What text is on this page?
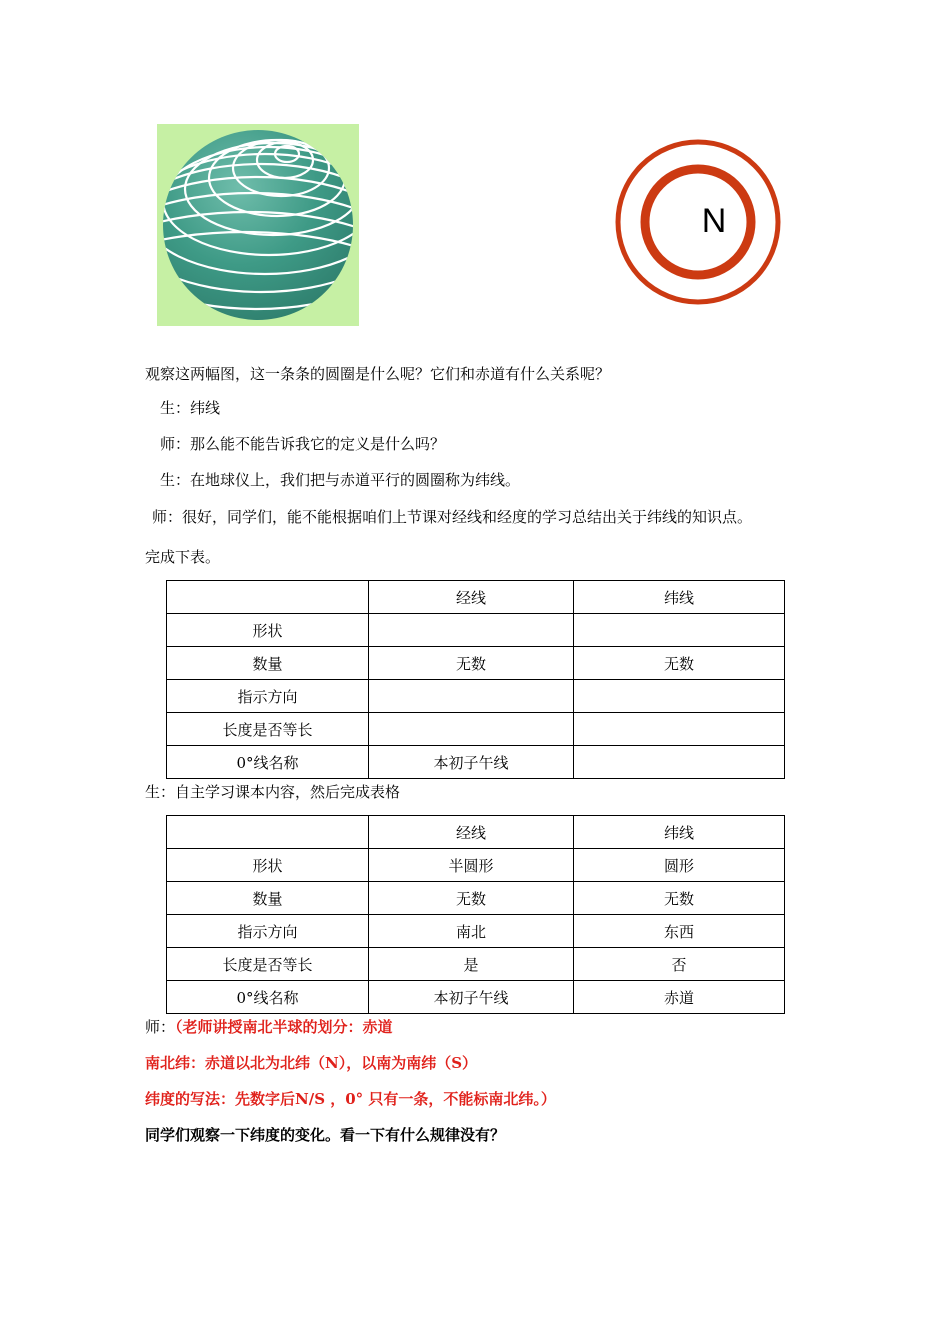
N
观察这两幅图，这一条条的圆圈是什么呢？它们和赤道有什么关系呢？
生：纬线
师：那么能不能告诉我它的定义是什么吗？
生：在地球仪上，我们把与赤道平行的圆圈称为纬线。
师：很好，同学们，能不能根据咱们上节课对经线和经度的学习总结出关于纬线的知识点。
完成下表。
	经线	纬线
形状		
数量	无数	无数
指示方向		
长度是否等长		
0°线名称	本初子午线	
生：自主学习课本内容，然后完成表格
	经线	纬线
形状	半圆形	圆形
数量	无数	无数
指示方向	南北	东西
长度是否等长	是	否
0°线名称	本初子午线	赤道
师：（老师讲授南北半球的划分：赤道
南北纬：赤道以北为北纬（N），以南为南纬（S）
纬度的写法：先数字后N/S ，0° 只有一条，不能标南北纬。）
同学们观察一下纬度的变化。看一下有什么规律没有？
